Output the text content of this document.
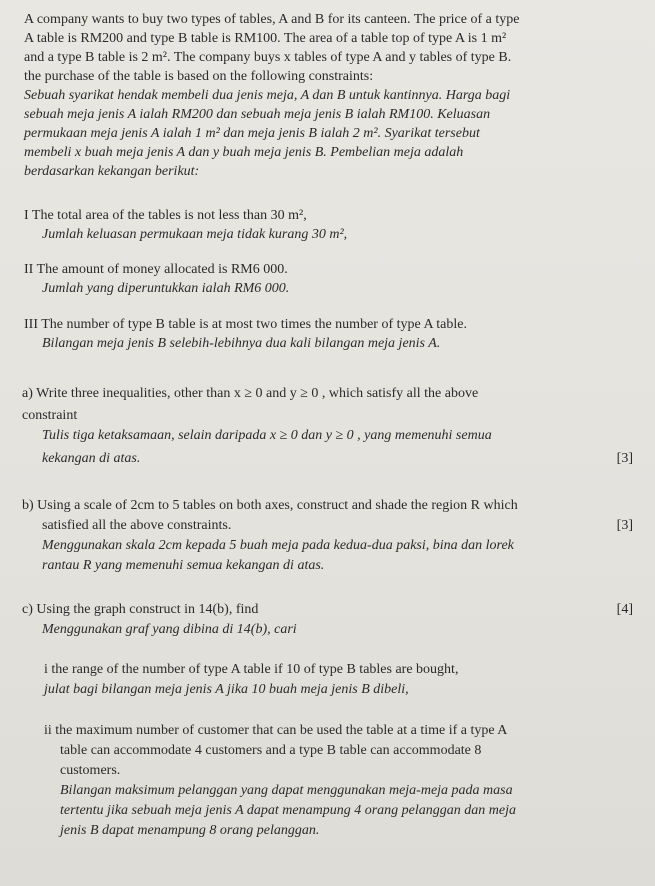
A company wants to buy two types of tables, A and B for its canteen. The price of a type
A table is RM200 and type B table is RM100. The area of a table top of type A is 1 m²
and a type B table is 2 m². The company buys x tables of type A and y tables of type B.
the purchase of the table is based on the following constraints:
Sebuah syarikat hendak membeli dua jenis meja, A dan B untuk kantinnya. Harga bagi
sebuah meja jenis A ialah RM200 dan sebuah meja jenis B ialah RM100. Keluasan
permukaan meja jenis A ialah 1 m² dan meja jenis B ialah 2 m². Syarikat tersebut
membeli x buah meja jenis A dan y buah meja jenis B. Pembelian meja adalah
berdasarkan kekangan berikut:
I The total area of the tables is not less than 30 m²,
Jumlah keluasan permukaan meja tidak kurang 30 m²,
II The amount of money allocated is RM6 000.
Jumlah yang diperuntukkan ialah RM6 000.
III The number of type B table is at most two times the number of type A table.
Bilangan meja jenis B selebih-lebihnya dua kali bilangan meja jenis A.
a) Write three inequalities, other than x ≥ 0 and y ≥ 0 , which satisfy all the above
constraint
Tulis tiga ketaksamaan, selain daripada x ≥ 0 dan y ≥ 0 , yang memenuhi semua
kekangan di atas.	[3]
b) Using a scale of 2cm to 5 tables on both axes, construct and shade the region R which
satisfied all the above constraints.	[3]
Menggunakan skala 2cm kepada 5 buah meja pada kedua-dua paksi, bina dan lorek
rantau R yang memenuhi semua kekangan di atas.
c) Using the graph construct in 14(b), find	[4]
Menggunakan graf yang dibina di 14(b), cari
i the range of the number of type A table if 10 of type B tables are bought,
julat bagi bilangan meja jenis A jika 10 buah meja jenis B dibeli,
ii the maximum number of customer that can be used the table at a time if a type A
table can accommodate 4 customers and a type B table can accommodate 8
customers.
Bilangan maksimum pelanggan yang dapat menggunakan meja-meja pada masa
tertentu jika sebuah meja jenis A dapat menampung 4 orang pelanggan dan meja
jenis B dapat menampung 8 orang pelanggan.
